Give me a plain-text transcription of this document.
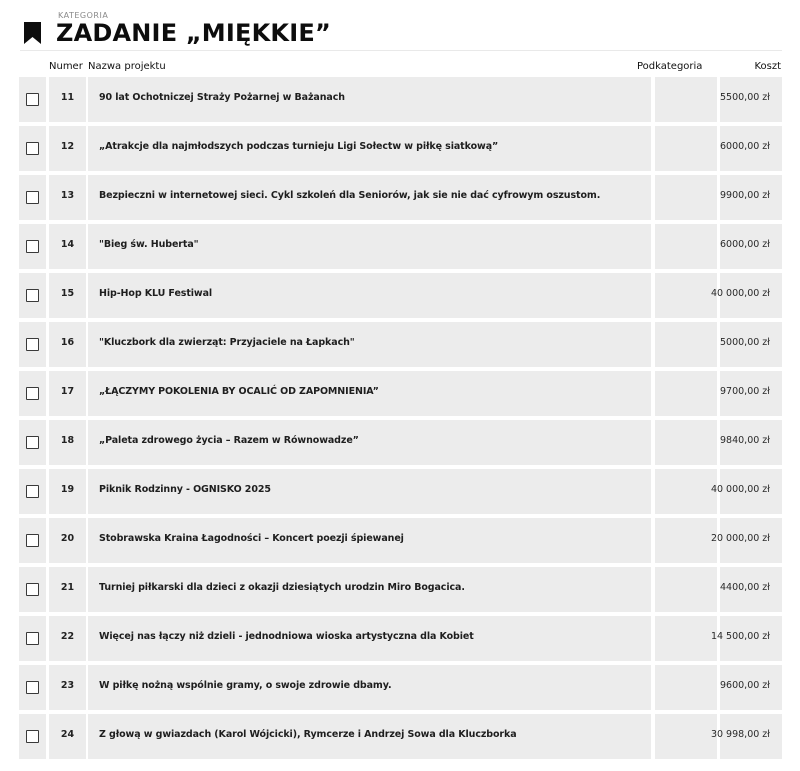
KATEGORIA
ZADANIE „MIĘKKIE”
Numer Nazwa projektu	Podkategoria	Koszt
11	90 lat Ochotniczej Straży Pożarnej w Bażanach	5500,00 zł
12	„Atrakcje dla najmłodszych podczas turnieju Ligi Sołectw w piłkę siatkową”	6000,00 zł
13	Bezpieczni w internetowej sieci. Cykl szkoleń dla Seniorów, jak sie nie dać cyfrowym oszustom.	9900,00 zł
14	"Bieg św. Huberta"	6000,00 zł
15	Hip-Hop KLU Festiwal	40 000,00 zł
16	"Kluczbork dla zwierząt: Przyjaciele na Łapkach"	5000,00 zł
17	„ŁĄCZYMY POKOLENIA BY OCALIĆ OD ZAPOMNIENIA”	9700,00 zł
18	„Paleta zdrowego życia – Razem w Równowadze”	9840,00 zł
19	Piknik Rodzinny - OGNISKO 2025	40 000,00 zł
20	Stobrawska Kraina Łagodności – Koncert poezji śpiewanej	20 000,00 zł
21	Turniej piłkarski dla dzieci z okazji dziesiątych urodzin Miro Bogacica.	4400,00 zł
22	Więcej nas łączy niż dzieli - jednodniowa wioska artystyczna dla Kobiet	14 500,00 zł
23	W piłkę nożną wspólnie gramy, o swoje zdrowie dbamy.	9600,00 zł
24	Z głową w gwiazdach (Karol Wójcicki), Rymcerze i Andrzej Sowa dla Kluczborka	30 998,00 zł
